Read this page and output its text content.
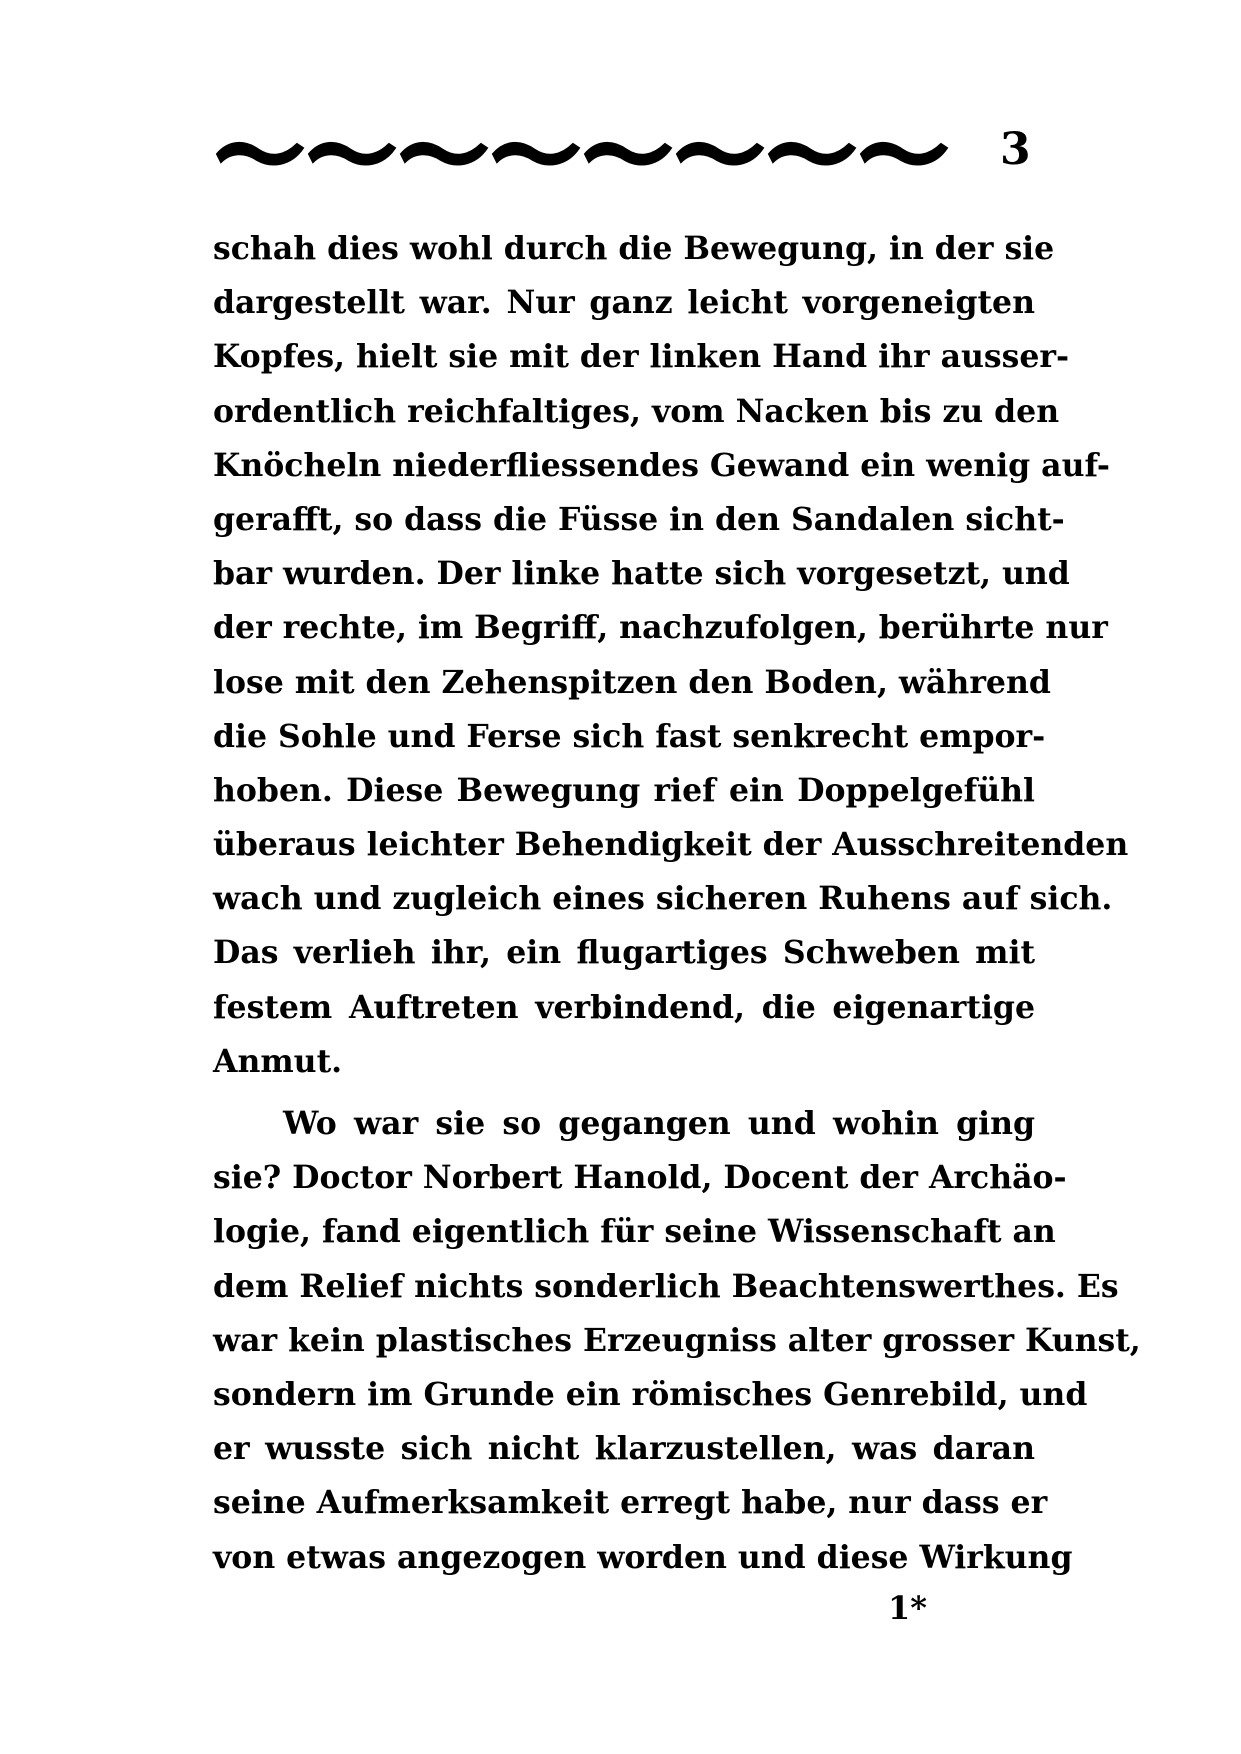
3
schah dies wohl durch die Bewegung, in der sie
dargestellt war. Nur ganz leicht vorgeneigten
Kopfes, hielt sie mit der linken Hand ihr ausser-
ordentlich reichfaltiges, vom Nacken bis zu den
Knöcheln niederfliessendes Gewand ein wenig auf-
gerafft, so dass die Füsse in den Sandalen sicht-
bar wurden. Der linke hatte sich vorgesetzt, und
der rechte, im Begriff, nachzufolgen, berührte nur
lose mit den Zehenspitzen den Boden, während
die Sohle und Ferse sich fast senkrecht empor-
hoben. Diese Bewegung rief ein Doppelgefühl
überaus leichter Behendigkeit der Ausschreitenden
wach und zugleich eines sicheren Ruhens auf sich.
Das verlieh ihr, ein flugartiges Schweben mit
festem Auftreten verbindend, die eigenartige
Anmut.
Wo war sie so gegangen und wohin ging
sie? Doctor Norbert Hanold, Docent der Archäo-
logie, fand eigentlich für seine Wissenschaft an
dem Relief nichts sonderlich Beachtenswerthes. Es
war kein plastisches Erzeugniss alter grosser Kunst,
sondern im Grunde ein römisches Genrebild, und
er wusste sich nicht klarzustellen, was daran
seine Aufmerksamkeit erregt habe, nur dass er
von etwas angezogen worden und diese Wirkung
1*
